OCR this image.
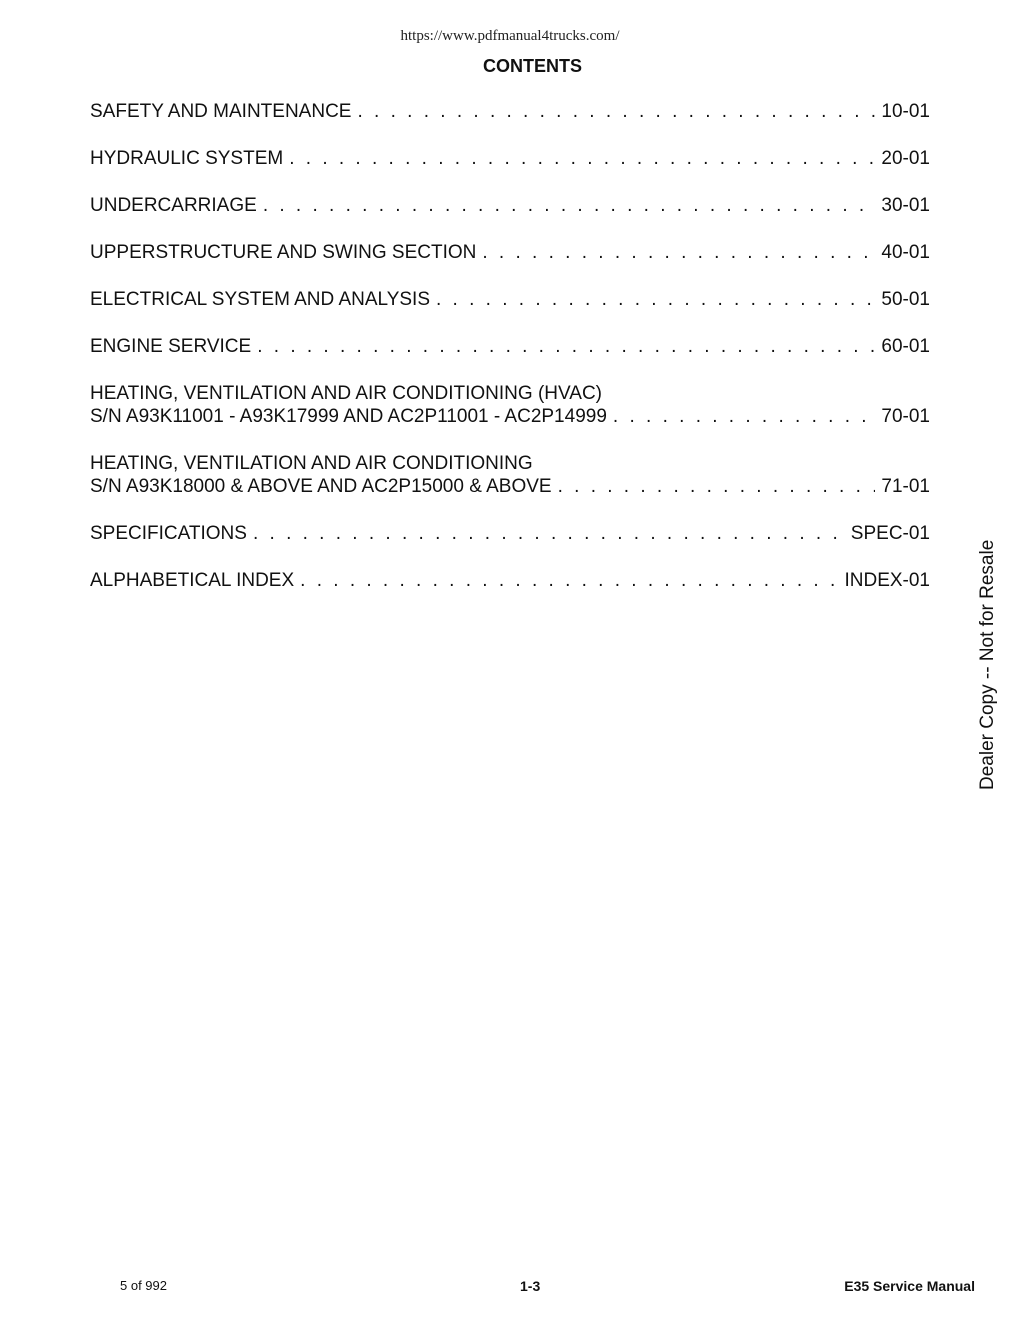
https://www.pdfmanual4trucks.com/
CONTENTS
SAFETY AND MAINTENANCE . . .	10-01
HYDRAULIC SYSTEM . . .	20-01
UNDERCARRIAGE . . .	30-01
UPPERSTRUCTURE AND SWING SECTION . . .	40-01
ELECTRICAL SYSTEM AND ANALYSIS . . .	50-01
ENGINE SERVICE . . .	60-01
HEATING, VENTILATION AND AIR CONDITIONING (HVAC)
S/N A93K11001 - A93K17999 AND AC2P11001 - AC2P14999 . . .	70-01
HEATING, VENTILATION AND AIR CONDITIONING
S/N A93K18000 & ABOVE AND AC2P15000 & ABOVE . . .	71-01
SPECIFICATIONS . . .	SPEC-01
ALPHABETICAL INDEX . . .	INDEX-01 Dealer Copy -- Not for Resale
5 of 992	1-3	E35 Service Manual
